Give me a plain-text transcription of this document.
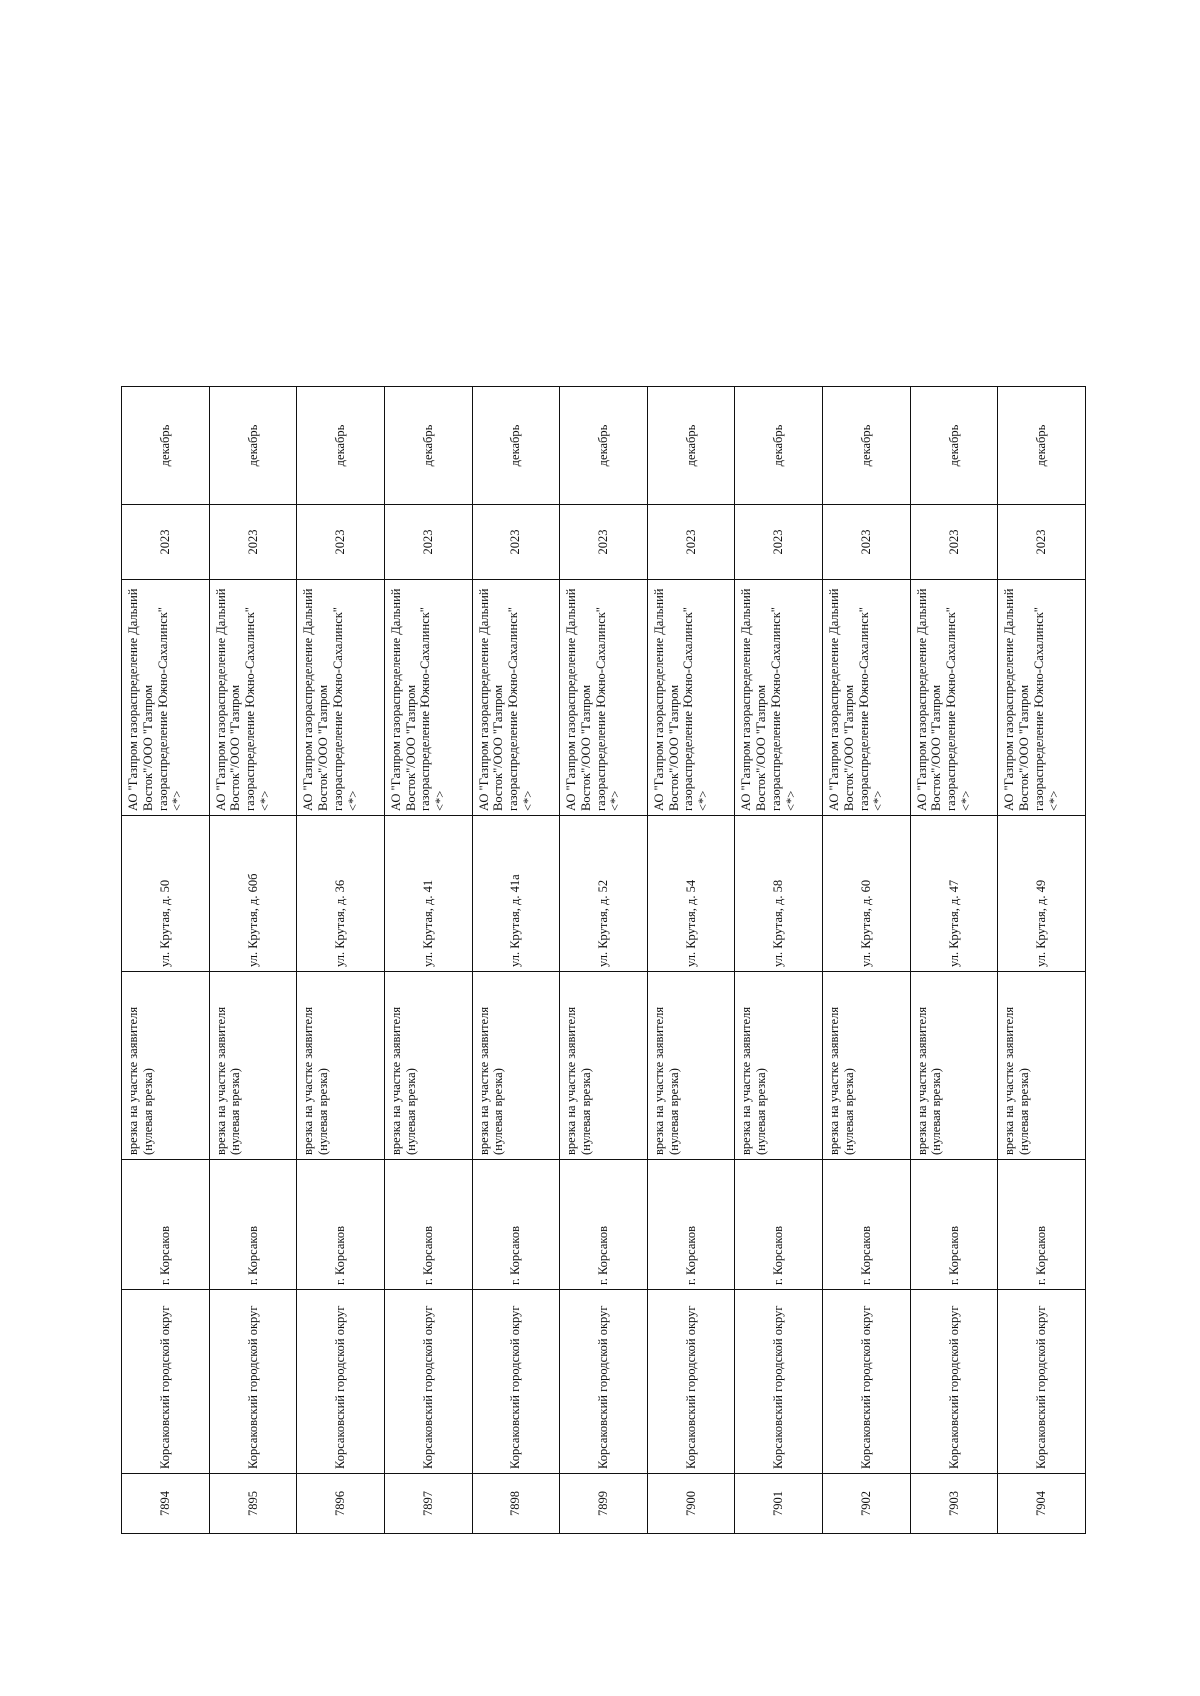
7894	Корсаковский городской округ	г. Корсаков	врезка на участке заявителя (нулевая врезка)	ул. Крутая, д. 50	АО "Газпром газораспределение Дальний Восток"/ООО "Газпром газораспределение Южно-Сахалинск" <*>	2023	декабрь
7895	Корсаковский городской округ	г. Корсаков	врезка на участке заявителя (нулевая врезка)	ул. Крутая, д. 60б	АО "Газпром газораспределение Дальний Восток"/ООО "Газпром газораспределение Южно-Сахалинск" <*>	2023	декабрь
7896	Корсаковский городской округ	г. Корсаков	врезка на участке заявителя (нулевая врезка)	ул. Крутая, д. 36	АО "Газпром газораспределение Дальний Восток"/ООО "Газпром газораспределение Южно-Сахалинск" <*>	2023	декабрь
7897	Корсаковский городской округ	г. Корсаков	врезка на участке заявителя (нулевая врезка)	ул. Крутая, д. 41	АО "Газпром газораспределение Дальний Восток"/ООО "Газпром газораспределение Южно-Сахалинск" <*>	2023	декабрь
7898	Корсаковский городской округ	г. Корсаков	врезка на участке заявителя (нулевая врезка)	ул. Крутая, д. 41а	АО "Газпром газораспределение Дальний Восток"/ООО "Газпром газораспределение Южно-Сахалинск" <*>	2023	декабрь
7899	Корсаковский городской округ	г. Корсаков	врезка на участке заявителя (нулевая врезка)	ул. Крутая, д. 52	АО "Газпром газораспределение Дальний Восток"/ООО "Газпром газораспределение Южно-Сахалинск" <*>	2023	декабрь
7900	Корсаковский городской округ	г. Корсаков	врезка на участке заявителя (нулевая врезка)	ул. Крутая, д. 54	АО "Газпром газораспределение Дальний Восток"/ООО "Газпром газораспределение Южно-Сахалинск" <*>	2023	декабрь
7901	Корсаковский городской округ	г. Корсаков	врезка на участке заявителя (нулевая врезка)	ул. Крутая, д. 58	АО "Газпром газораспределение Дальний Восток"/ООО "Газпром газораспределение Южно-Сахалинск" <*>	2023	декабрь
7902	Корсаковский городской округ	г. Корсаков	врезка на участке заявителя (нулевая врезка)	ул. Крутая, д. 60	АО "Газпром газораспределение Дальний Восток"/ООО "Газпром газораспределение Южно-Сахалинск" <*>	2023	декабрь
7903	Корсаковский городской округ	г. Корсаков	врезка на участке заявителя (нулевая врезка)	ул. Крутая, д. 47	АО "Газпром газораспределение Дальний Восток"/ООО "Газпром газораспределение Южно-Сахалинск" <*>	2023	декабрь
7904	Корсаковский городской округ	г. Корсаков	врезка на участке заявителя (нулевая врезка)	ул. Крутая, д. 49	АО "Газпром газораспределение Дальний Восток"/ООО "Газпром газораспределение Южно-Сахалинск" <*>	2023	декабрь
